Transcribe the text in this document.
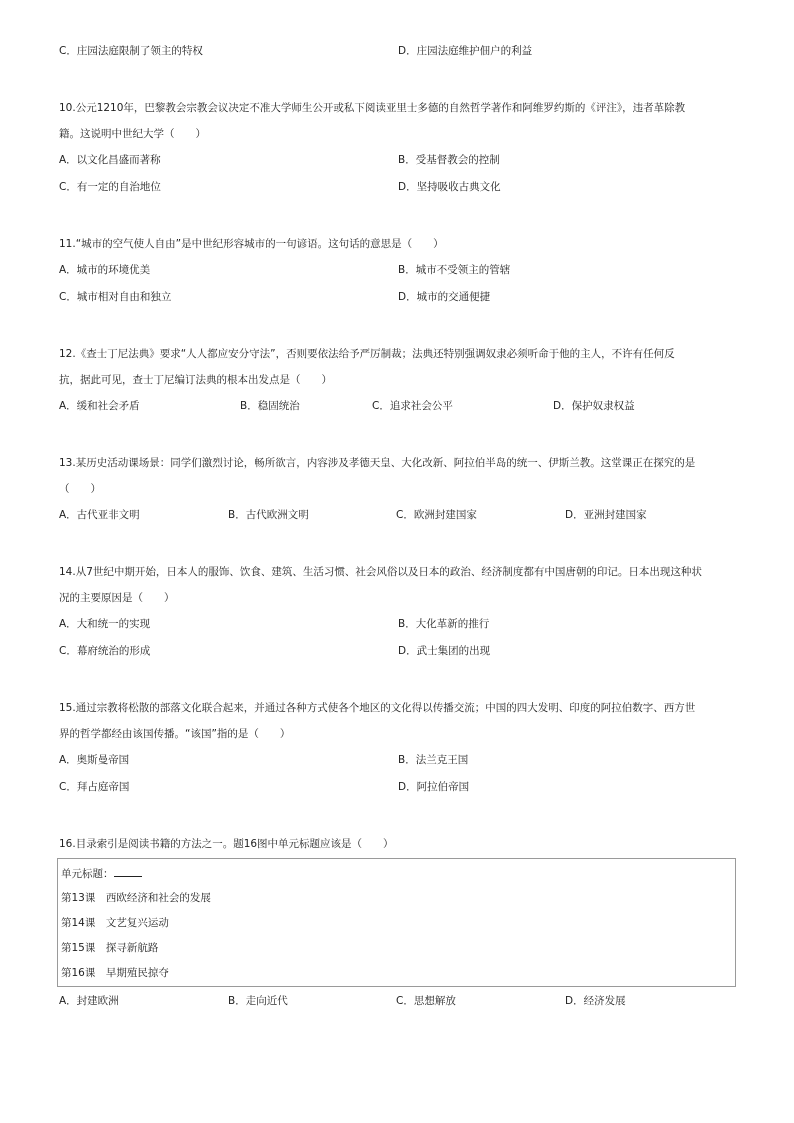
C．庄园法庭限制了领主的特权	D．庄园法庭维护佃户的利益
10.公元1210年，巴黎教会宗教会议决定不准大学师生公开或私下阅读亚里士多德的自然哲学著作和阿维罗约斯的《评注》，违者革除教
籍。这说明中世纪大学（　　）
A．以文化昌盛而著称	B．受基督教会的控制
C．有一定的自治地位	D．坚持吸收古典文化
11.“城市的空气使人自由”是中世纪形容城市的一句谚语。这句话的意思是（　　）
A．城市的环境优美	B．城市不受领主的管辖
C．城市相对自由和独立	D．城市的交通便捷
12.《查士丁尼法典》要求“人人都应安分守法”，否则要依法给予严厉制裁；法典还特别强调奴隶必须听命于他的主人，不许有任何反
抗，据此可见，查士丁尼编订法典的根本出发点是（　　）
A．缓和社会矛盾	B．稳固统治	C．追求社会公平	D．保护奴隶权益
13.某历史活动课场景：同学们激烈讨论，畅所欲言，内容涉及孝德天皇、大化改新、阿拉伯半岛的统一、伊斯兰教。这堂课正在探究的是
（　　）
A．古代亚非文明	B．古代欧洲文明	C．欧洲封建国家	D．亚洲封建国家
14.从7世纪中期开始，日本人的服饰、饮食、建筑、生活习惯、社会风俗以及日本的政治、经济制度都有中国唐朝的印记。日本出现这种状
况的主要原因是（　　）
A．大和统一的实现	B．大化革新的推行
C．幕府统治的形成	D．武士集团的出现
15.通过宗教将松散的部落文化联合起来，并通过各种方式使各个地区的文化得以传播交流；中国的四大发明、印度的阿拉伯数字、西方世
界的哲学都经由该国传播。“该国”指的是（　　）
A．奥斯曼帝国	B．法兰克王国
C．拜占庭帝国	D．阿拉伯帝国
16.目录索引是阅读书籍的方法之一。题16图中单元标题应该是（　　）
单元标题：
第13课　西欧经济和社会的发展
第14课　文艺复兴运动
第15课　探寻新航路
第16课　早期殖民掠夺
A．封建欧洲	B．走向近代	C．思想解放	D．经济发展
